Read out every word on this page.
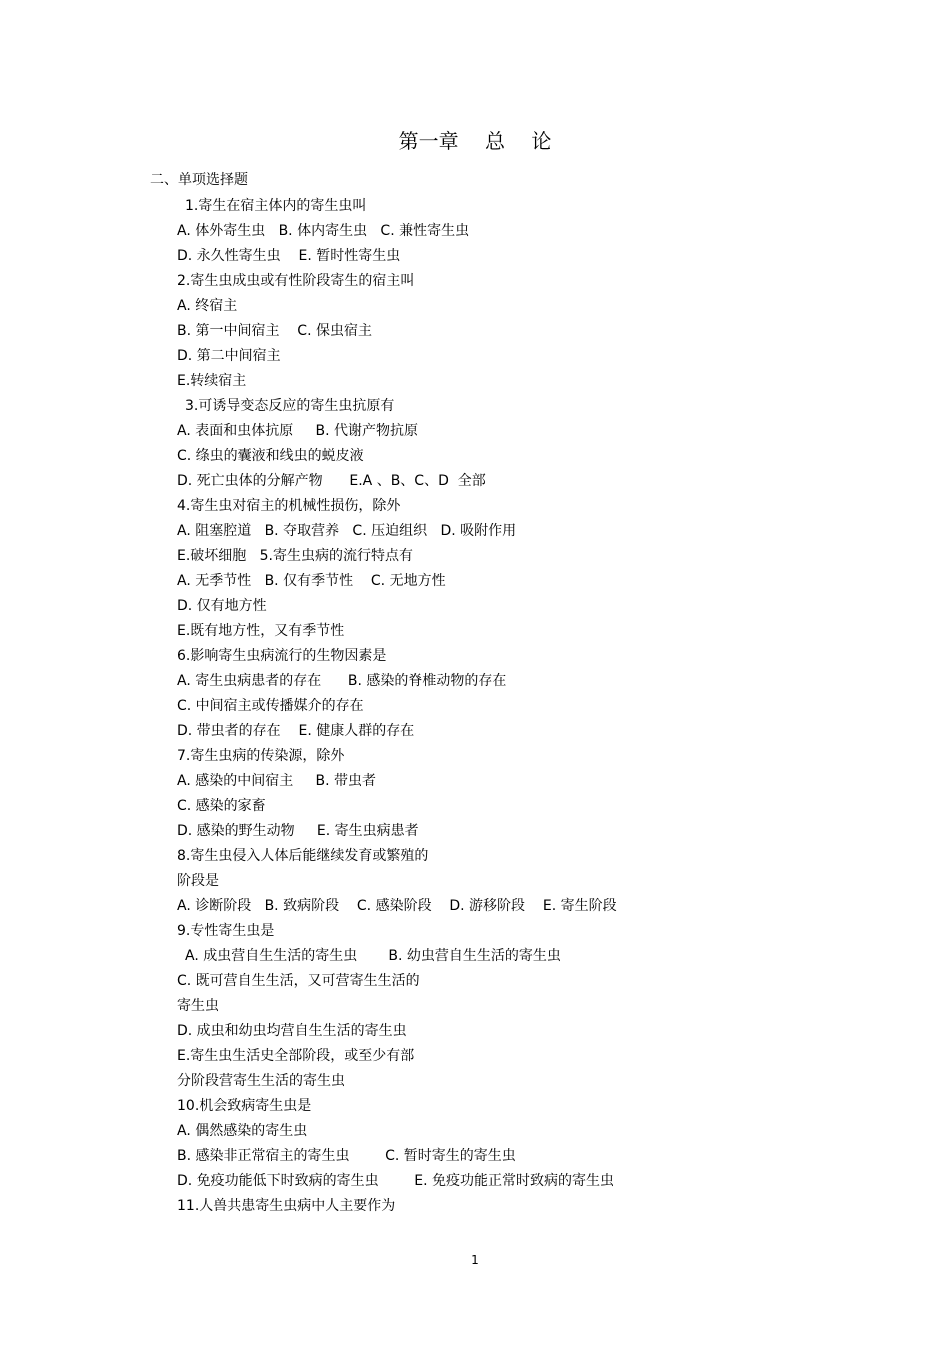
第一章　 总　 论
二、单项选择题
1.寄生在宿主体内的寄生虫叫
A. 体外寄生虫   B. 体内寄生虫   C. 兼性寄生虫
D. 永久性寄生虫    E. 暂时性寄生虫
2.寄生虫成虫或有性阶段寄生的宿主叫
A. 终宿主
B. 第一中间宿主    C. 保虫宿主
D. 第二中间宿主
E.转续宿主
3.可诱导变态反应的寄生虫抗原有
A. 表面和虫体抗原     B. 代谢产物抗原
C. 绦虫的囊液和线虫的蜕皮液
D. 死亡虫体的分解产物      E.A 、B、C、D  全部
4.寄生虫对宿主的机械性损伤，除外
A. 阻塞腔道   B. 夺取营养   C. 压迫组织   D. 吸附作用
E.破坏细胞   5.寄生虫病的流行特点有
A. 无季节性   B. 仅有季节性    C. 无地方性
D. 仅有地方性
E.既有地方性，又有季节性
6.影响寄生虫病流行的生物因素是
A. 寄生虫病患者的存在      B. 感染的脊椎动物的存在
C. 中间宿主或传播媒介的存在
D. 带虫者的存在    E. 健康人群的存在
7.寄生虫病的传染源，除外
A. 感染的中间宿主     B. 带虫者
C. 感染的家畜
D. 感染的野生动物     E. 寄生虫病患者
8.寄生虫侵入人体后能继续发育或繁殖的
阶段是
A. 诊断阶段   B. 致病阶段    C. 感染阶段    D. 游移阶段    E. 寄生阶段
9.专性寄生虫是
A. 成虫营自生生活的寄生虫       B. 幼虫营自生生活的寄生虫
C. 既可营自生生活，又可营寄生生活的
寄生虫
D. 成虫和幼虫均营自生生活的寄生虫
E.寄生虫生活史全部阶段，或至少有部
分阶段营寄生生活的寄生虫
10.机会致病寄生虫是
A. 偶然感染的寄生虫
B. 感染非正常宿主的寄生虫        C. 暂时寄生的寄生虫
D. 免疫功能低下时致病的寄生虫        E. 免疫功能正常时致病的寄生虫
11.人兽共患寄生虫病中人主要作为
1
